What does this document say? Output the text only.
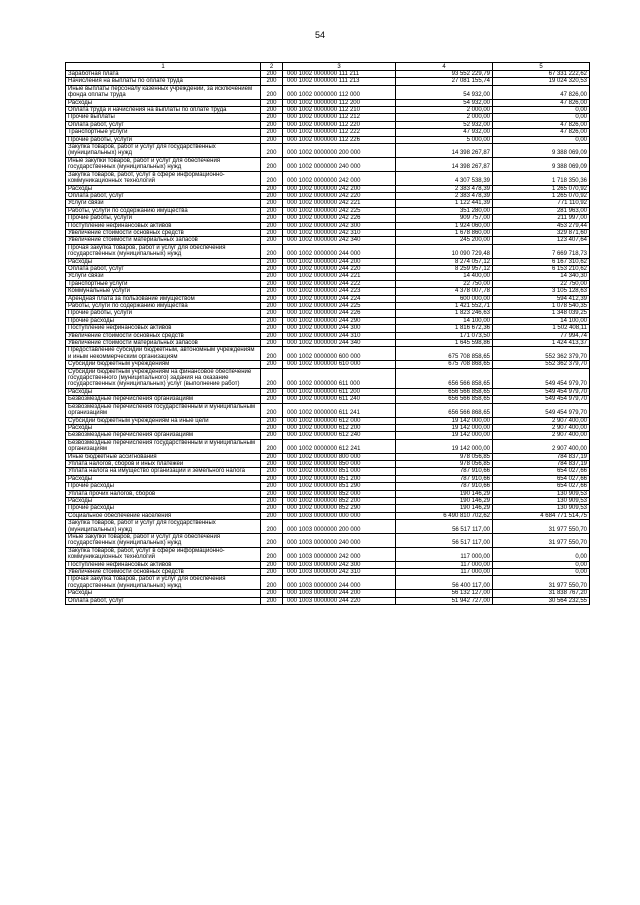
54
1	2	3	4	5
Заработная плата	200	000 1002 0000000 111 211	93 552 229,79	67 331 222,62
Начисления на выплаты по оплате труда	200	000 1002 0000000 111 213	27 081 155,74	19 024 320,53
Иные выплаты персоналу казенных учреждений, за исключением фонда оплаты труда	200	000 1002 0000000 112 000	54 932,00	47 826,00
Расходы	200	000 1002 0000000 112 200	54 932,00	47 826,00
Оплата труда и начисления на выплаты по оплате труда	200	000 1002 0000000 112 210	2 000,00	0,00
Прочие выплаты	200	000 1002 0000000 112 212	2 000,00	0,00
Оплата работ, услуг	200	000 1002 0000000 112 220	52 932,00	47 826,00
Транспортные услуги	200	000 1002 0000000 112 222	47 932,00	47 826,00
Прочие работы, услуги	200	000 1002 0000000 112 226	5 000,00	0,00
Закупка товаров, работ и услуг для государственных (муниципальных) нужд	200	000 1002 0000000 200 000	14 398 267,87	9 388 069,09
Иные закупки товаров, работ и услуг для обеспечения государственных (муниципальных) нужд	200	000 1002 0000000 240 000	14 398 267,87	9 388 069,09
Закупка товаров, работ, услуг в сфере информационно-коммуникационных технологий	200	000 1002 0000000 242 000	4 307 538,39	1 718 350,36
Расходы	200	000 1002 0000000 242 200	2 383 478,39	1 265 070,92
Оплата работ, услуг	200	000 1002 0000000 242 220	2 383 478,39	1 265 070,92
Услуги связи	200	000 1002 0000000 242 221	1 122 441,39	771 110,92
Работы, услуги по содержанию имущества	200	000 1002 0000000 242 225	351 280,00	281 963,00
Прочие работы, услуги	200	000 1002 0000000 242 226	909 757,00	211 997,00
Поступление нефинансовых активов	200	000 1002 0000000 242 300	1 924 060,00	453 279,44
Увеличение стоимости основных средств	200	000 1002 0000000 242 310	1 678 860,00	329 871,60
Увеличение стоимости материальных запасов	200	000 1002 0000000 242 340	245 200,00	123 407,64
Прочая закупка товаров, работ и услуг для обеспечения государственных (муниципальных) нужд	200	000 1002 0000000 244 000	10 090 729,48	7 669 718,73
Расходы	200	000 1002 0000000 244 200	8 274 057,12	6 167 310,62
Оплата работ, услуг	200	000 1002 0000000 244 220	8 259 957,12	6 153 210,62
Услуги связи	200	000 1002 0000000 244 221	14 400,00	14 340,30
Транспортные услуги	200	000 1002 0000000 244 222	22 750,00	22 750,00
Коммунальные услуги	200	000 1002 0000000 244 223	4 378 007,78	3 105 128,63
Арендная плата за пользование имуществом	200	000 1002 0000000 244 224	600 000,00	594 412,39
Работы, услуги по содержанию имущества	200	000 1002 0000000 244 225	1 421 552,71	1 078 540,35
Прочие работы, услуги	200	000 1002 0000000 244 226	1 823 246,63	1 348 039,25
Прочие расходы	200	000 1002 0000000 244 290	14 100,00	14 100,00
Поступление нефинансовых активов	200	000 1002 0000000 244 300	1 816 672,36	1 502 408,11
Увеличение стоимости основных средств	200	000 1002 0000000 244 310	171 073,50	77 994,74
Увеличение стоимости материальных запасов	200	000 1002 0000000 244 340	1 645 598,86	1 424 413,37
Предоставление субсидий бюджетным, автономным учреждениям и иным некоммерческим организациям	200	000 1002 0000000 600 000	675 708 858,65	552 362 379,70
Субсидии бюджетным учреждениям	200	000 1002 0000000 610 000	675 708 868,65	552 362 379,70
Субсидии бюджетным учреждениям на финансовое обеспечение государственного (муниципального) задания на оказание государственных (муниципальных) услуг (выполнение работ)	200	000 1002 0000000 611 000	656 566 858,65	549 454 979,70
Расходы	200	000 1002 0000000 611 200	656 566 858,65	549 454 979,70
Безвозмездные перечисления организациям	200	000 1002 0000000 611 240	656 566 858,65	549 454 979,70
Безвозмездные перечисления государственным и муниципальным организациям	200	000 1002 0000000 611 241	656 566 868,65	549 454 979,70
Субсидии бюджетным учреждениям на иные цели	200	000 1002 0000000 612 000	19 142 000,00	2 907 400,00
Расходы	200	000 1002 0000000 612 200	19 142 000,00	2 907 400,00
Безвозмездные перечисления организациям	200	000 1002 0000000 612 240	19 142 000,00	2 907 400,00
Безвозмездные перечисления государственным и муниципальным организациям	200	000 1002 0000000 612 241	19 142 000,00	2 907 400,00
Иные бюджетные ассигнования	200	000 1002 0000000 800 000	978 056,85	784 837,19
Уплата налогов, сборов и иных платежей	200	000 1002 0000000 850 000	978 056,85	784 837,19
Уплата налога на имущество организаций и земельного налога	200	000 1002 0000000 851 000	787 910,66	654 027,66
Расходы	200	000 1002 0000000 851 200	787 910,66	654 027,66
Прочие расходы	200	000 1002 0000000 851 290	787 910,66	654 027,66
Уплата прочих налогов, сборов	200	000 1002 0000000 852 000	190 146,29	130 909,53
Расходы	200	000 1002 0000000 852 200	190 146,29	130 909,53
Прочие расходы	200	000 1002 0000000 852 290	190 146,29	130 909,53
Социальное обеспечение населения	200	000 1003 0000000 000 000	6 490 810 702,62	4 684 771 514,75
Закупка товаров, работ и услуг для государственных (муниципальных) нужд	200	000 1003 0000000 200 000	56 517 117,00	31 977 550,70
Иные закупки товаров, работ и услуг для обеспечения государственных (муниципальных) нужд	200	000 1003 0000000 240 000	56 517 117,00	31 977 550,70
Закупка товаров, работ, услуг в сфере информационно-коммуникационных технологий	200	000 1003 0000000 242 000	117 000,00	0,00
Поступление нефинансовых активов	200	000 1003 0000000 242 300	117 000,00	0,00
Увеличение стоимости основных средств	200	000 1003 0000000 242 310	117 000,00	0,00
Прочая закупка товаров, работ и услуг для обеспечения государственных (муниципальных) нужд	200	000 1003 0000000 244 000	56 400 117,00	31 977 550,70
Расходы	200	000 1003 0000000 244 200	56 132 127,00	31 838 767,20
Оплата работ, услуг	200	000 1003 0000000 244 220	51 942 727,00	30 564 232,55
